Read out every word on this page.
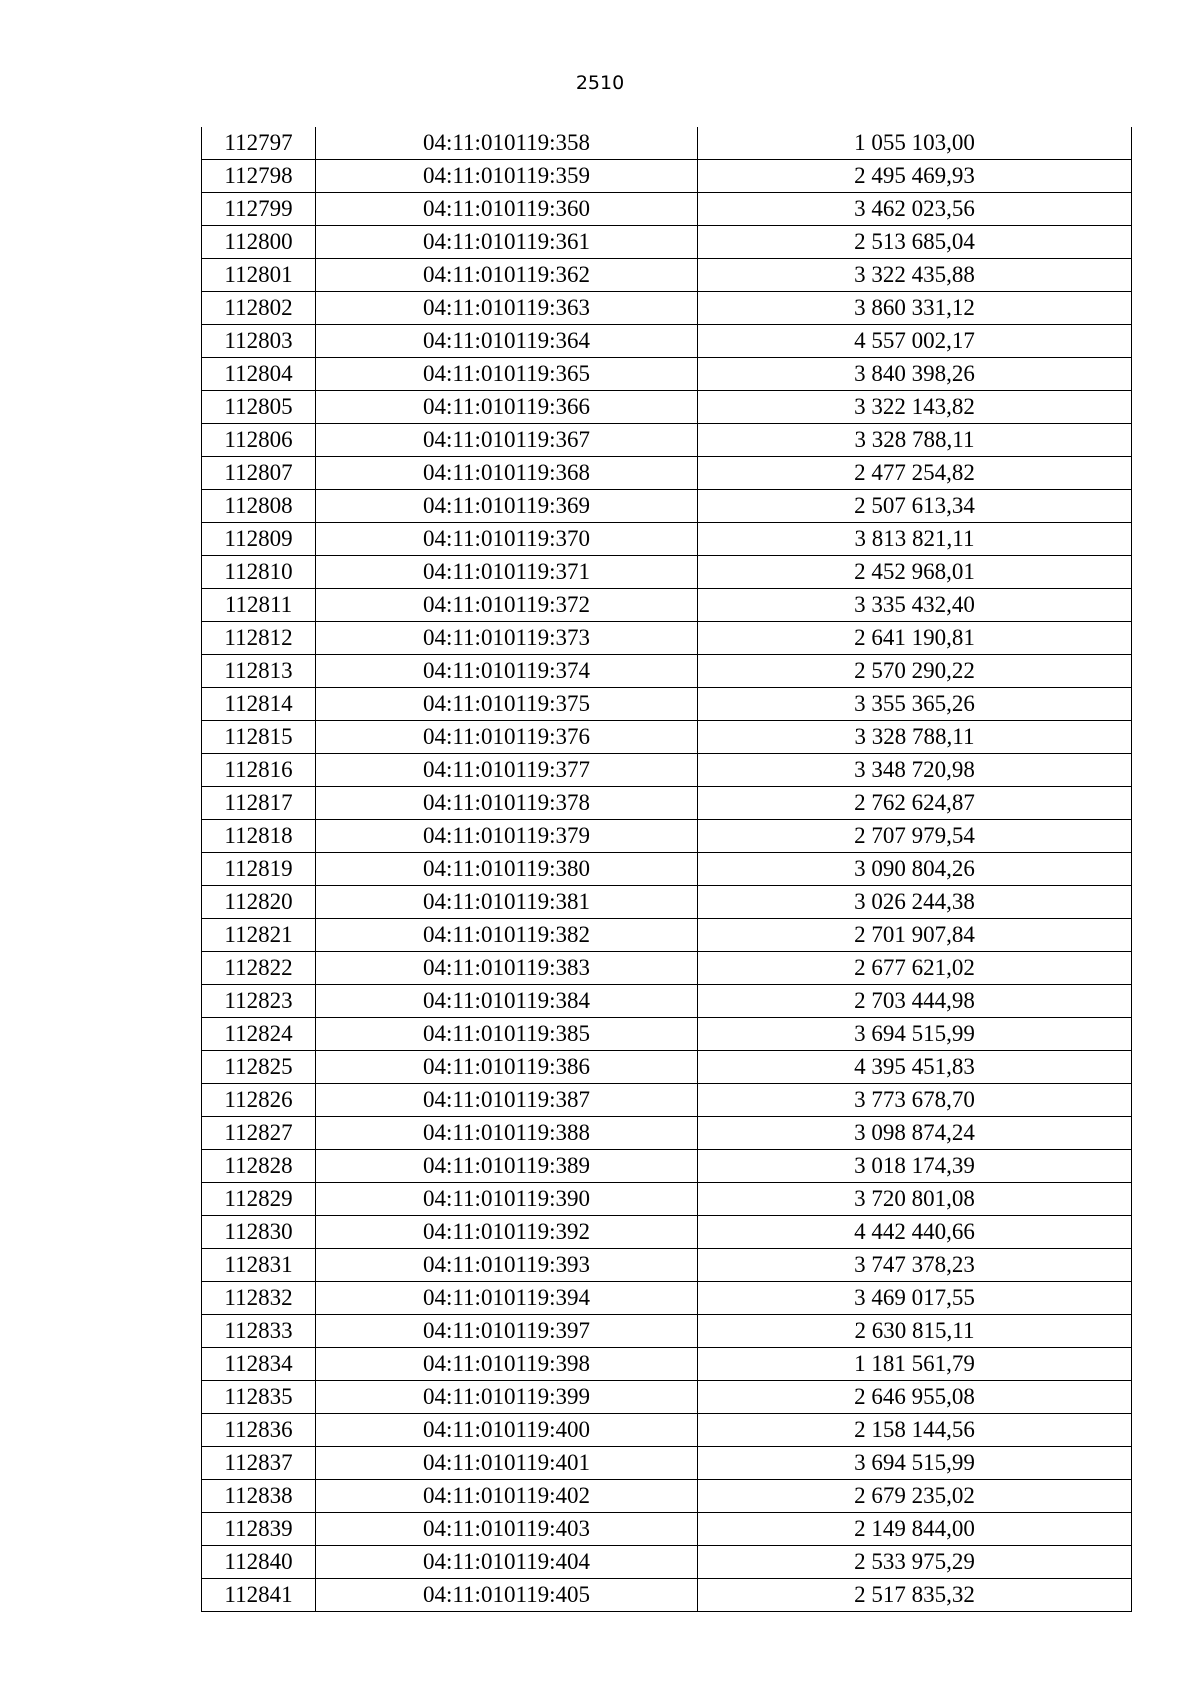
2510
112797	04:11:010119:358	1 055 103,00
112798	04:11:010119:359	2 495 469,93
112799	04:11:010119:360	3 462 023,56
112800	04:11:010119:361	2 513 685,04
112801	04:11:010119:362	3 322 435,88
112802	04:11:010119:363	3 860 331,12
112803	04:11:010119:364	4 557 002,17
112804	04:11:010119:365	3 840 398,26
112805	04:11:010119:366	3 322 143,82
112806	04:11:010119:367	3 328 788,11
112807	04:11:010119:368	2 477 254,82
112808	04:11:010119:369	2 507 613,34
112809	04:11:010119:370	3 813 821,11
112810	04:11:010119:371	2 452 968,01
112811	04:11:010119:372	3 335 432,40
112812	04:11:010119:373	2 641 190,81
112813	04:11:010119:374	2 570 290,22
112814	04:11:010119:375	3 355 365,26
112815	04:11:010119:376	3 328 788,11
112816	04:11:010119:377	3 348 720,98
112817	04:11:010119:378	2 762 624,87
112818	04:11:010119:379	2 707 979,54
112819	04:11:010119:380	3 090 804,26
112820	04:11:010119:381	3 026 244,38
112821	04:11:010119:382	2 701 907,84
112822	04:11:010119:383	2 677 621,02
112823	04:11:010119:384	2 703 444,98
112824	04:11:010119:385	3 694 515,99
112825	04:11:010119:386	4 395 451,83
112826	04:11:010119:387	3 773 678,70
112827	04:11:010119:388	3 098 874,24
112828	04:11:010119:389	3 018 174,39
112829	04:11:010119:390	3 720 801,08
112830	04:11:010119:392	4 442 440,66
112831	04:11:010119:393	3 747 378,23
112832	04:11:010119:394	3 469 017,55
112833	04:11:010119:397	2 630 815,11
112834	04:11:010119:398	1 181 561,79
112835	04:11:010119:399	2 646 955,08
112836	04:11:010119:400	2 158 144,56
112837	04:11:010119:401	3 694 515,99
112838	04:11:010119:402	2 679 235,02
112839	04:11:010119:403	2 149 844,00
112840	04:11:010119:404	2 533 975,29
112841	04:11:010119:405	2 517 835,32
